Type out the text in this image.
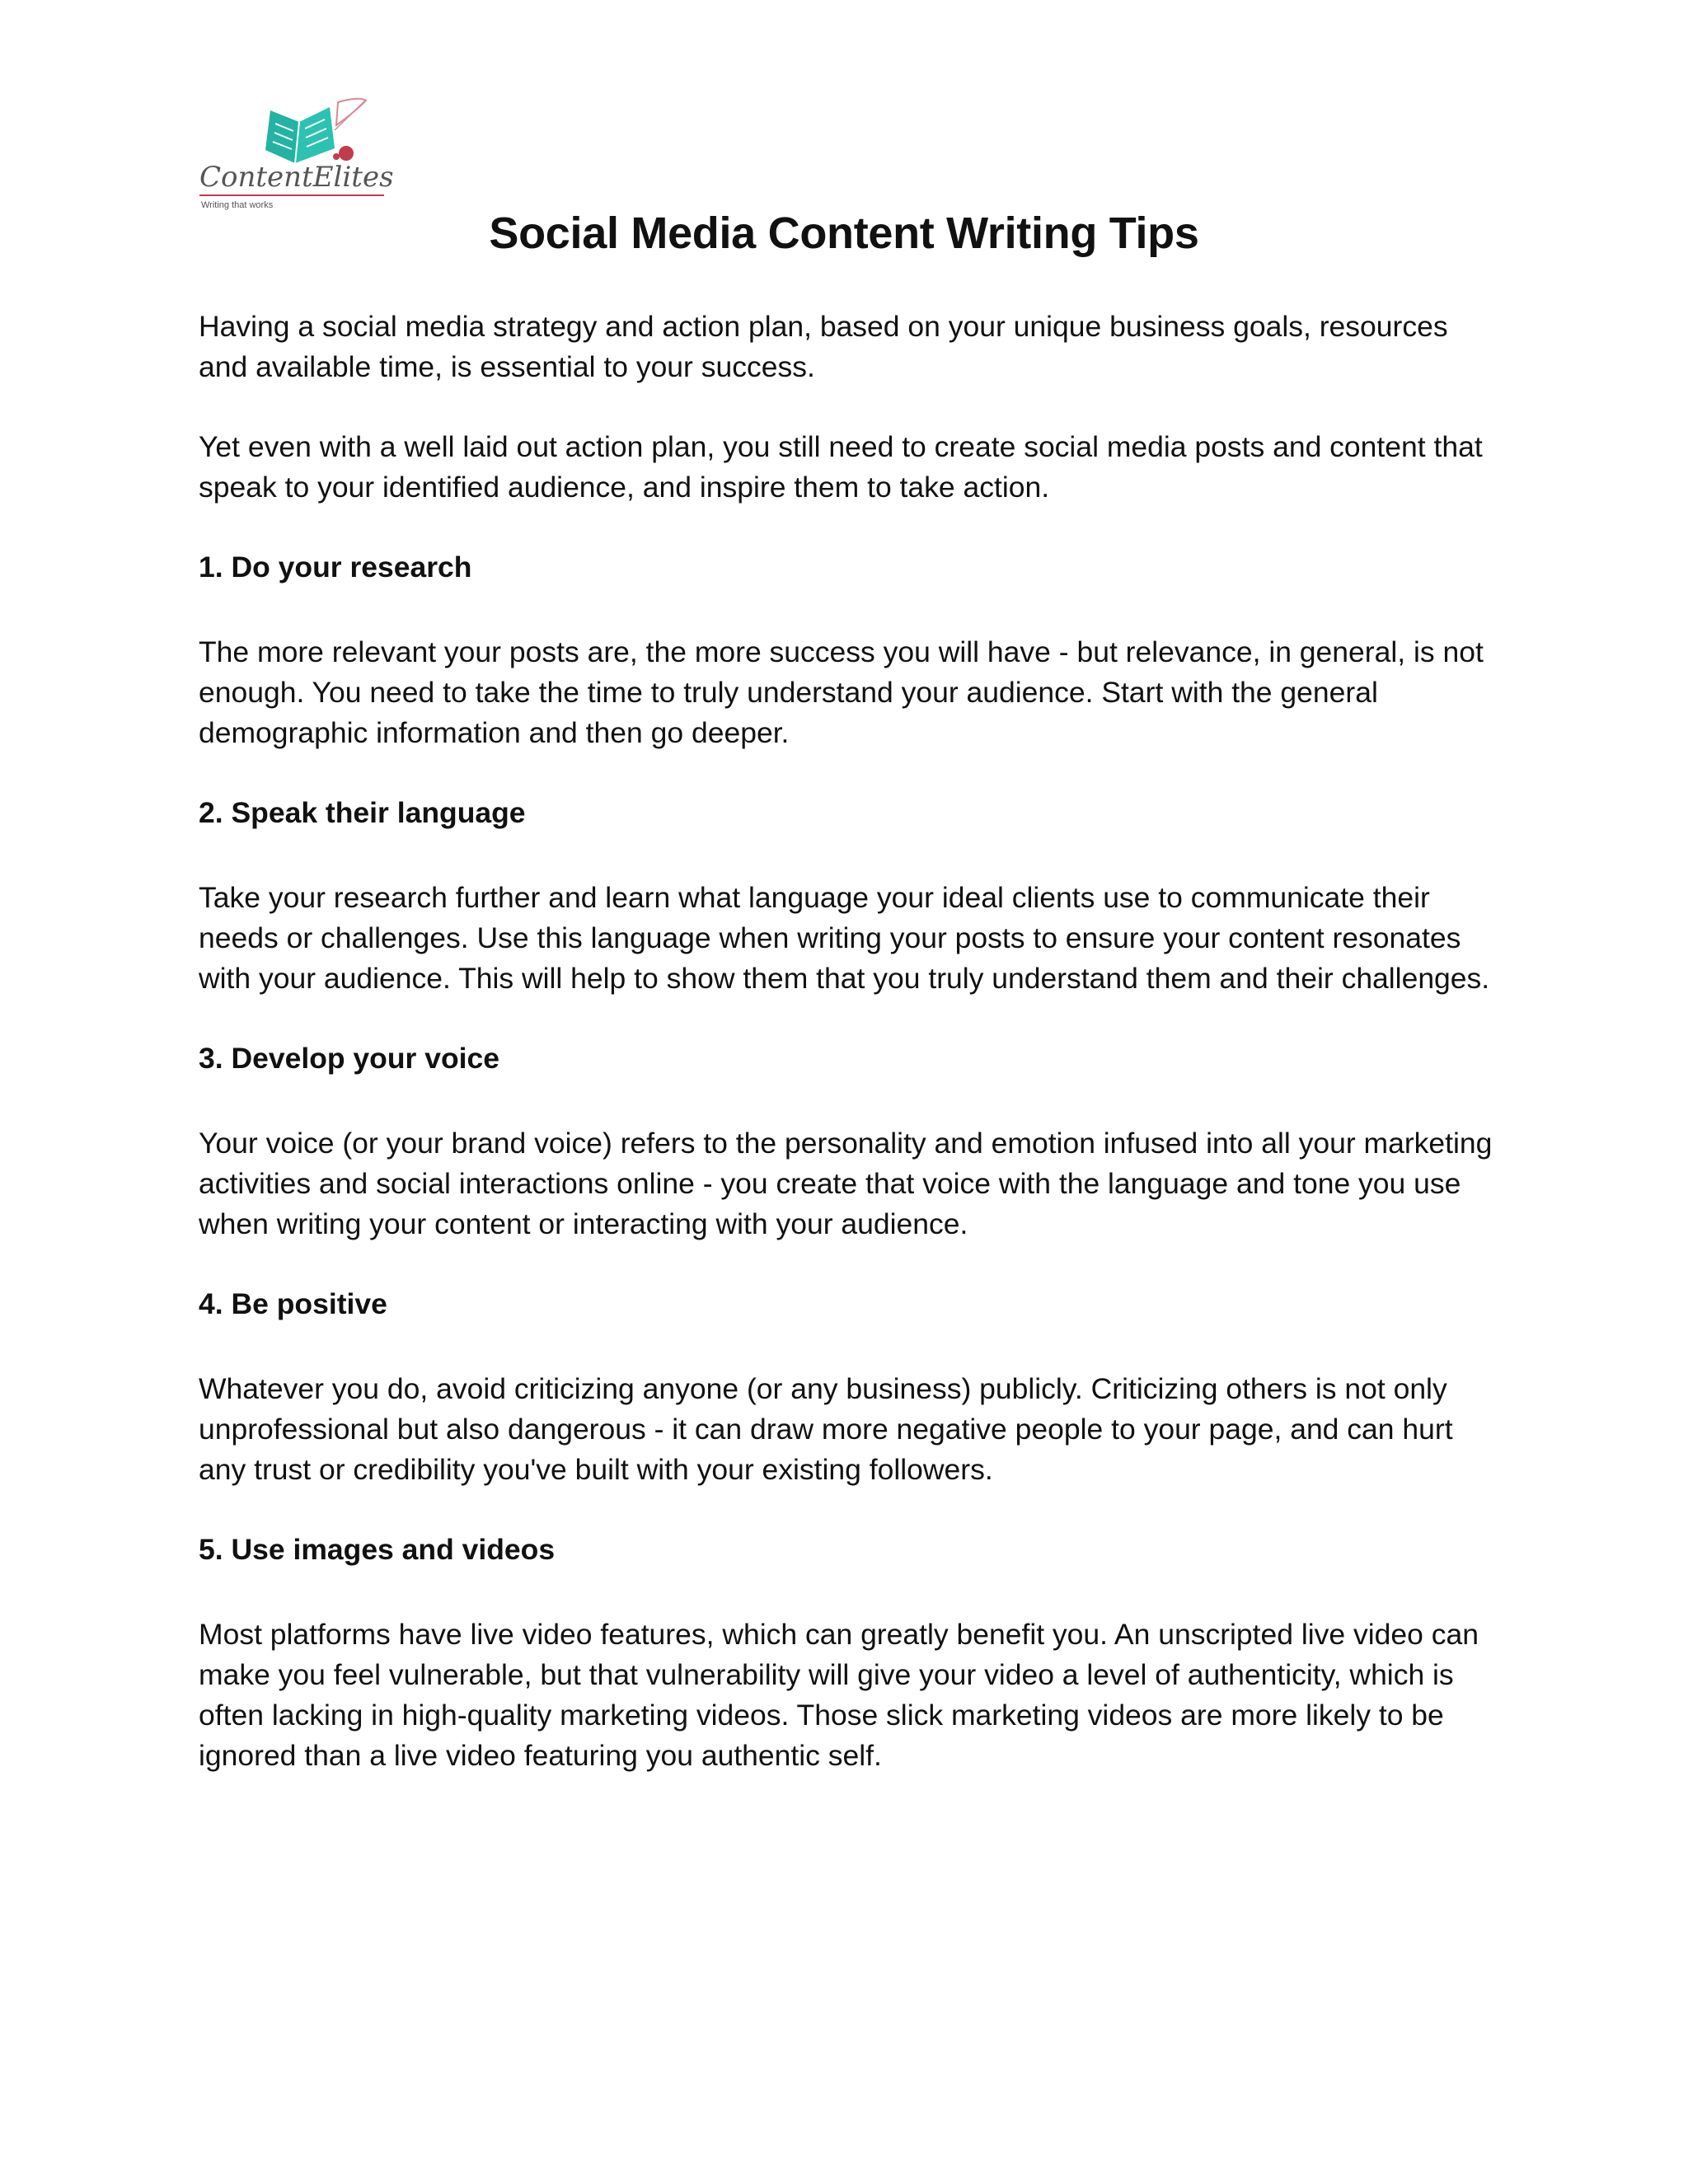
ContentElites
Writing that works
Social Media Content Writing Tips

Having a social media strategy and action plan, based on your unique business goals, resources and available time, is essential to your success.

Yet even with a well laid out action plan, you still need to create social media posts and content that speak to your identified audience, and inspire them to take action.

1. Do your research

The more relevant your posts are, the more success you will have - but relevance, in general, is not enough. You need to take the time to truly understand your audience. Start with the general demographic information and then go deeper.

2. Speak their language

Take your research further and learn what language your ideal clients use to communicate their needs or challenges. Use this language when writing your posts to ensure your content resonates with your audience. This will help to show them that you truly understand them and their challenges.

3. Develop your voice

Your voice (or your brand voice) refers to the personality and emotion infused into all your marketing activities and social interactions online - you create that voice with the language and tone you use when writing your content or interacting with your audience.

4. Be positive

Whatever you do, avoid criticizing anyone (or any business) publicly. Criticizing others is not only unprofessional but also dangerous - it can draw more negative people to your page, and can hurt any trust or credibility you've built with your existing followers.

5. Use images and videos

Most platforms have live video features, which can greatly benefit you. An unscripted live video can make you feel vulnerable, but that vulnerability will give your video a level of authenticity, which is often lacking in high-quality marketing videos. Those slick marketing videos are more likely to be ignored than a live video featuring you authentic self.
